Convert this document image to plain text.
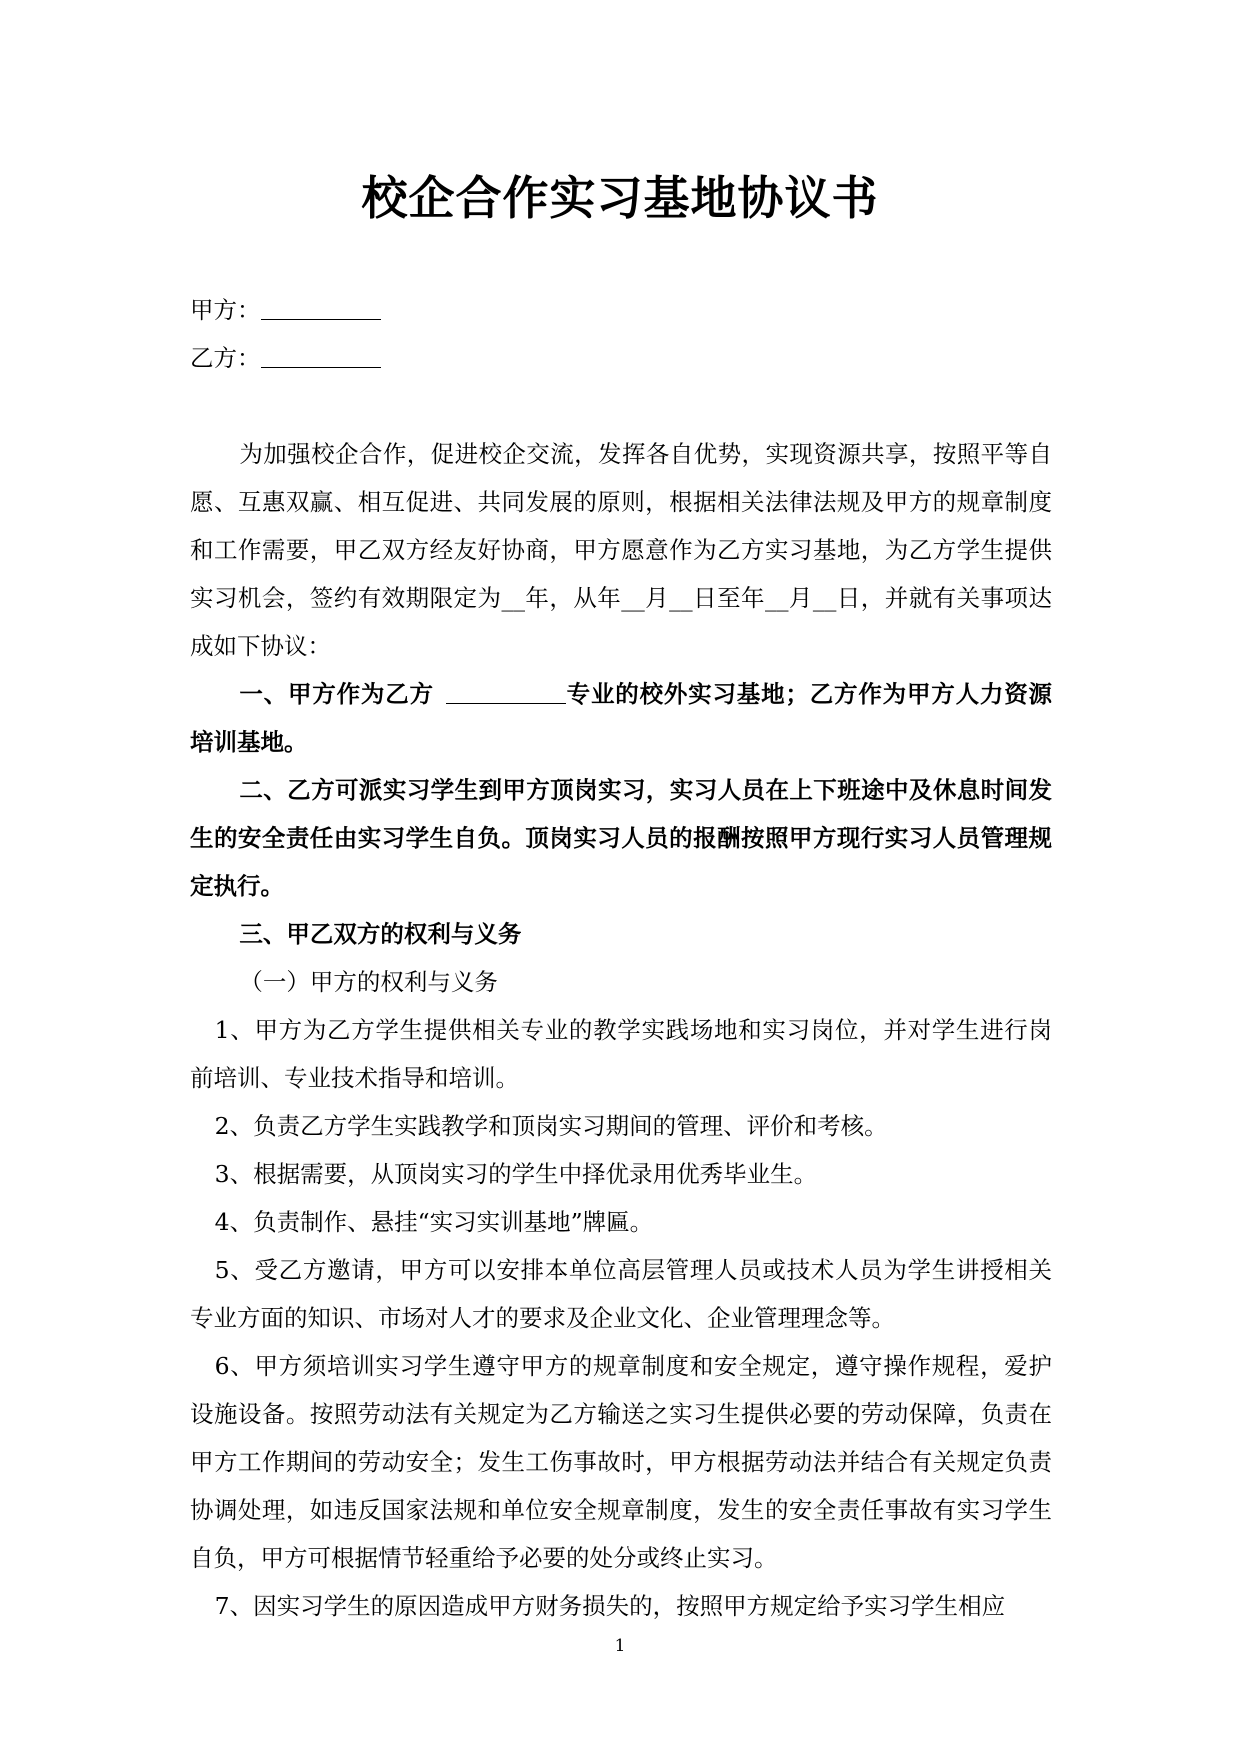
校企合作实习基地协议书
甲方：
乙方：

为加强校企合作，促进校企交流，发挥各自优势，实现资源共享，按照平等自愿、互惠双赢、相互促进、共同发展的原则，根据相关法律法规及甲方的规章制度和工作需要，甲乙双方经友好协商，甲方愿意作为乙方实习基地，为乙方学生提供实习机会，签约有效期限定为__年，从年__月__日至年__月__日，并就有关事项达成如下协议：

一、甲方作为乙方	专业的校外实习基地；乙方作为甲方人力资源培训基地。

二、乙方可派实习学生到甲方顶岗实习，实习人员在上下班途中及休息时间发生的安全责任由实习学生自负。顶岗实习人员的报酬按照甲方现行实习人员管理规定执行。

三、甲乙双方的权利与义务

（一）甲方的权利与义务

1、甲方为乙方学生提供相关专业的教学实践场地和实习岗位，并对学生进行岗前培训、专业技术指导和培训。

2、负责乙方学生实践教学和顶岗实习期间的管理、评价和考核。

3、根据需要，从顶岗实习的学生中择优录用优秀毕业生。

4、负责制作、悬挂“实习实训基地”牌匾。

5、受乙方邀请，甲方可以安排本单位高层管理人员或技术人员为学生讲授相关专业方面的知识、市场对人才的要求及企业文化、企业管理理念等。

6、甲方须培训实习学生遵守甲方的规章制度和安全规定，遵守操作规程，爱护设施设备。按照劳动法有关规定为乙方输送之实习生提供必要的劳动保障，负责在甲方工作期间的劳动安全；发生工伤事故时，甲方根据劳动法并结合有关规定负责协调处理，如违反国家法规和单位安全规章制度，发生的安全责任事故有实习学生自负，甲方可根据情节轻重给予必要的处分或终止实习。

7、因实习学生的原因造成甲方财务损失的，按照甲方规定给予实习学生相应

1
